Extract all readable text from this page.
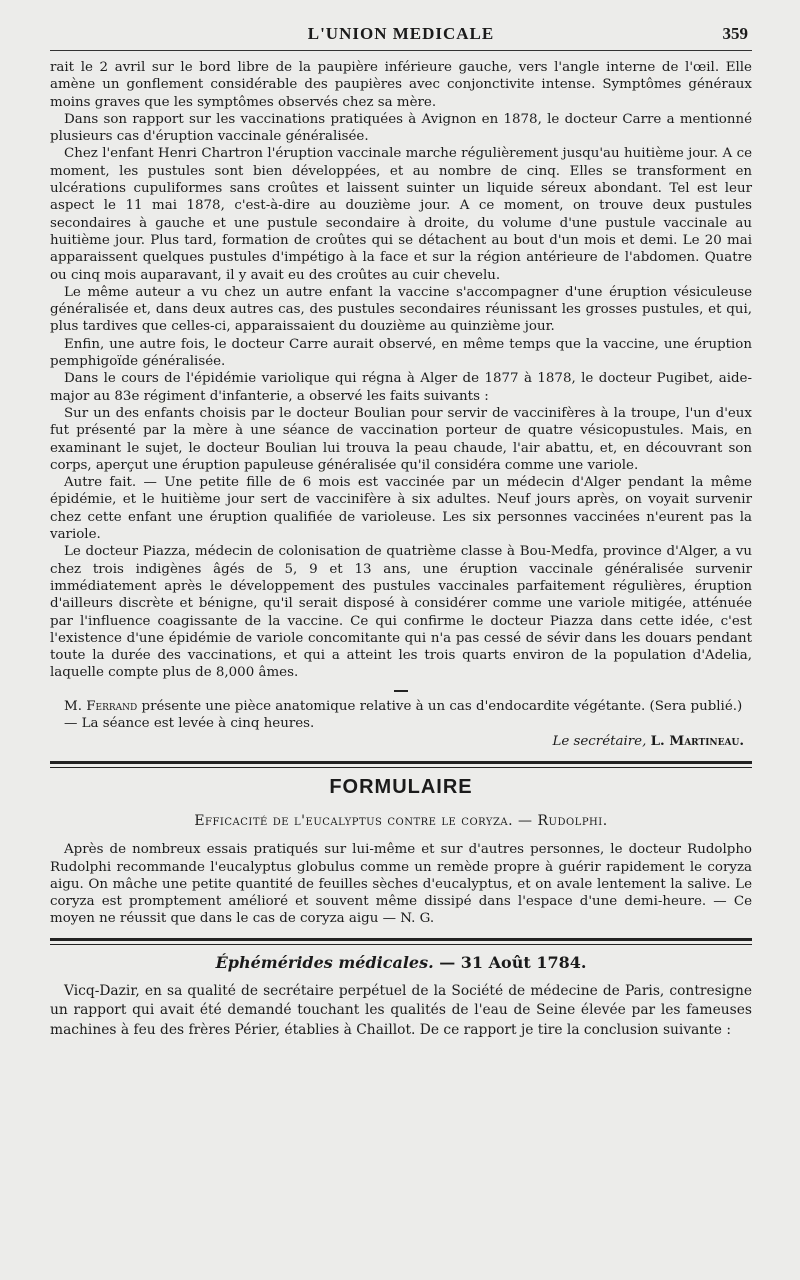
L'UNION MEDICALE	359

rait le 2 avril sur le bord libre de la paupière inférieure gauche, vers l'angle interne de l'œil. Elle amène un gonflement considérable des paupières avec conjonctivite intense. Symptômes généraux moins graves que les symptômes observés chez sa mère.

Dans son rapport sur les vaccinations pratiquées à Avignon en 1878, le docteur Carre a mentionné plusieurs cas d'éruption vaccinale généralisée.

Chez l'enfant Henri Chartron l'éruption vaccinale marche régulièrement jusqu'au huitième jour. A ce moment, les pustules sont bien développées, et au nombre de cinq. Elles se transforment en ulcérations cupuliformes sans croûtes et laissent suinter un liquide séreux abondant. Tel est leur aspect le 11 mai 1878, c'est-à-dire au douzième jour. A ce moment, on trouve deux pustules secondaires à gauche et une pustule secondaire à droite, du volume d'une pustule vaccinale au huitième jour. Plus tard, formation de croûtes qui se détachent au bout d'un mois et demi. Le 20 mai apparaissent quelques pustules d'impétigo à la face et sur la région antérieure de l'abdomen. Quatre ou cinq mois auparavant, il y avait eu des croûtes au cuir chevelu.

Le même auteur a vu chez un autre enfant la vaccine s'accompagner d'une éruption vésiculeuse généralisée et, dans deux autres cas, des pustules secondaires réunissant les grosses pustules, et qui, plus tardives que celles-ci, apparaissaient du douzième au quinzième jour.

Enfin, une autre fois, le docteur Carre aurait observé, en même temps que la vaccine, une éruption pemphigoïde généralisée.

Dans le cours de l'épidémie variolique qui régna à Alger de 1877 à 1878, le docteur Pugibet, aide-major au 83e régiment d'infanterie, a observé les faits suivants :

Sur un des enfants choisis par le docteur Boulian pour servir de vaccinifères à la troupe, l'un d'eux fut présenté par la mère à une séance de vaccination porteur de quatre vésicopustules. Mais, en examinant le sujet, le docteur Boulian lui trouva la peau chaude, l'air abattu, et, en découvrant son corps, aperçut une éruption papuleuse généralisée qu'il considéra comme une variole.

Autre fait. — Une petite fille de 6 mois est vaccinée par un médecin d'Alger pendant la même épidémie, et le huitième jour sert de vaccinifère à six adultes. Neuf jours après, on voyait survenir chez cette enfant une éruption qualifiée de varioleuse. Les six personnes vaccinées n'eurent pas la variole.

Le docteur Piazza, médecin de colonisation de quatrième classe à Bou-Medfa, province d'Alger, a vu chez trois indigènes âgés de 5, 9 et 13 ans, une éruption vaccinale généralisée survenir immédiatement après le développement des pustules vaccinales parfaitement régulières, éruption d'ailleurs discrète et bénigne, qu'il serait disposé à considérer comme une variole mitigée, atténuée par l'influence coagissante de la vaccine. Ce qui confirme le docteur Piazza dans cette idée, c'est l'existence d'une épidémie de variole concomitante qui n'a pas cessé de sévir dans les douars pendant toute la durée des vaccinations, et qui a atteint les trois quarts environ de la population d'Adelia, laquelle compte plus de 8,000 âmes.

M. Ferrand présente une pièce anatomique relative à un cas d'endocardite végétante. (Sera publié.)

— La séance est levée à cinq heures.

Le secrétaire, L. Martineau.
FORMULAIRE
Efficacité de l'eucalyptus contre le coryza. — Rudolphi.

Après de nombreux essais pratiqués sur lui-même et sur d'autres personnes, le docteur Rudolpho Rudolphi recommande l'eucalyptus globulus comme un remède propre à guérir rapidement le coryza aigu. On mâche une petite quantité de feuilles sèches d'eucalyptus, et on avale lentement la salive. Le coryza est promptement amélioré et souvent même dissipé dans l'espace d'une demi-heure. — Ce moyen ne réussit que dans le cas de coryza aigu — N. G.

Éphémérides médicales. — 31 Août 1784.

Vicq-Dazir, en sa qualité de secrétaire perpétuel de la Société de médecine de Paris, contresigne un rapport qui avait été demandé touchant les qualités de l'eau de Seine élevée par les fameuses machines à feu des frères Périer, établies à Chaillot. De ce rapport je tire la conclusion suivante :
